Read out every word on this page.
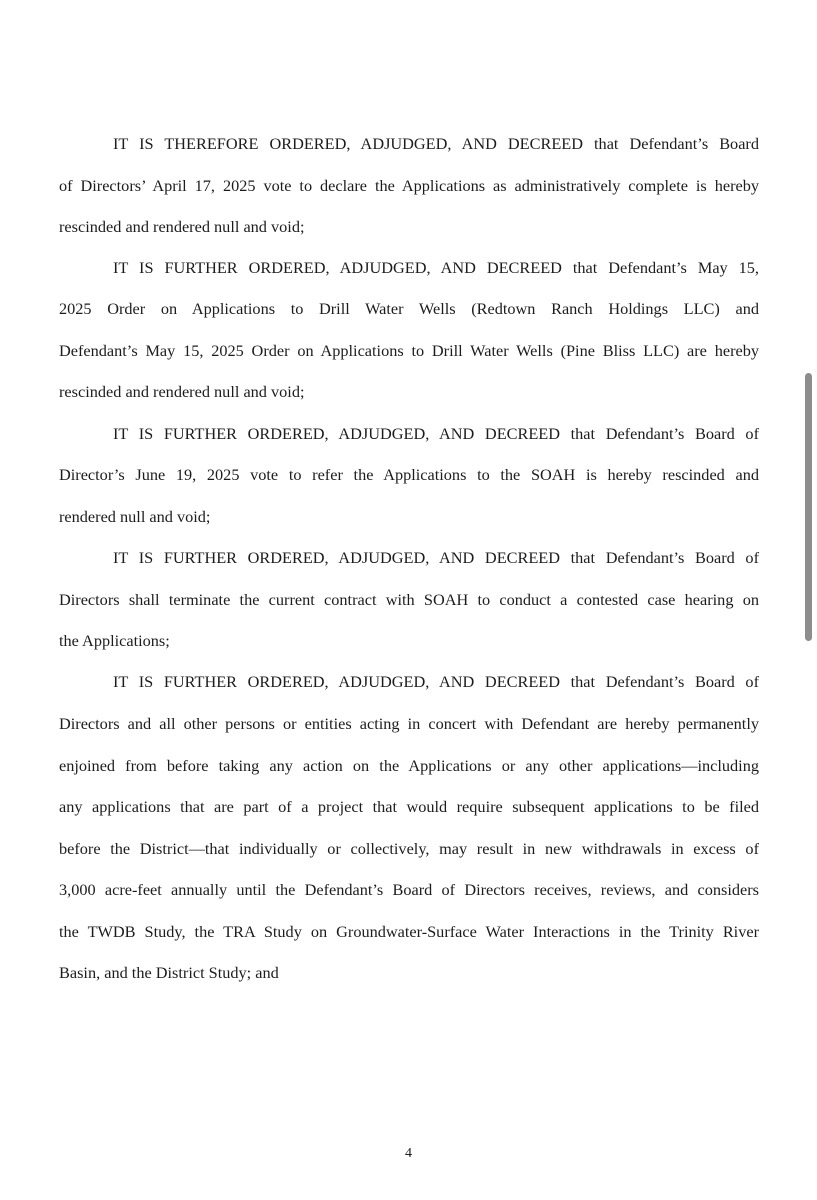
IT IS THEREFORE ORDERED, ADJUDGED, AND DECREED that Defendant’s Board
of Directors’ April 17, 2025 vote to declare the Applications as administratively complete is hereby
rescinded and rendered null and void;
IT IS FURTHER ORDERED, ADJUDGED, AND DECREED that Defendant’s May 15,
2025 Order on Applications to Drill Water Wells (Redtown Ranch Holdings LLC) and
Defendant’s May 15, 2025 Order on Applications to Drill Water Wells (Pine Bliss LLC) are hereby
rescinded and rendered null and void;
IT IS FURTHER ORDERED, ADJUDGED, AND DECREED that Defendant’s Board of
Director’s June 19, 2025 vote to refer the Applications to the SOAH is hereby rescinded and
rendered null and void;
IT IS FURTHER ORDERED, ADJUDGED, AND DECREED that Defendant’s Board of
Directors shall terminate the current contract with SOAH to conduct a contested case hearing on
the Applications;
IT IS FURTHER ORDERED, ADJUDGED, AND DECREED that Defendant’s Board of
Directors and all other persons or entities acting in concert with Defendant are hereby permanently
enjoined from before taking any action on the Applications or any other applications—including
any applications that are part of a project that would require subsequent applications to be filed
before the District—that individually or collectively, may result in new withdrawals in excess of
3,000 acre-feet annually until the Defendant’s Board of Directors receives, reviews, and considers
the TWDB Study, the TRA Study on Groundwater-Surface Water Interactions in the Trinity River
Basin, and the District Study; and
4
